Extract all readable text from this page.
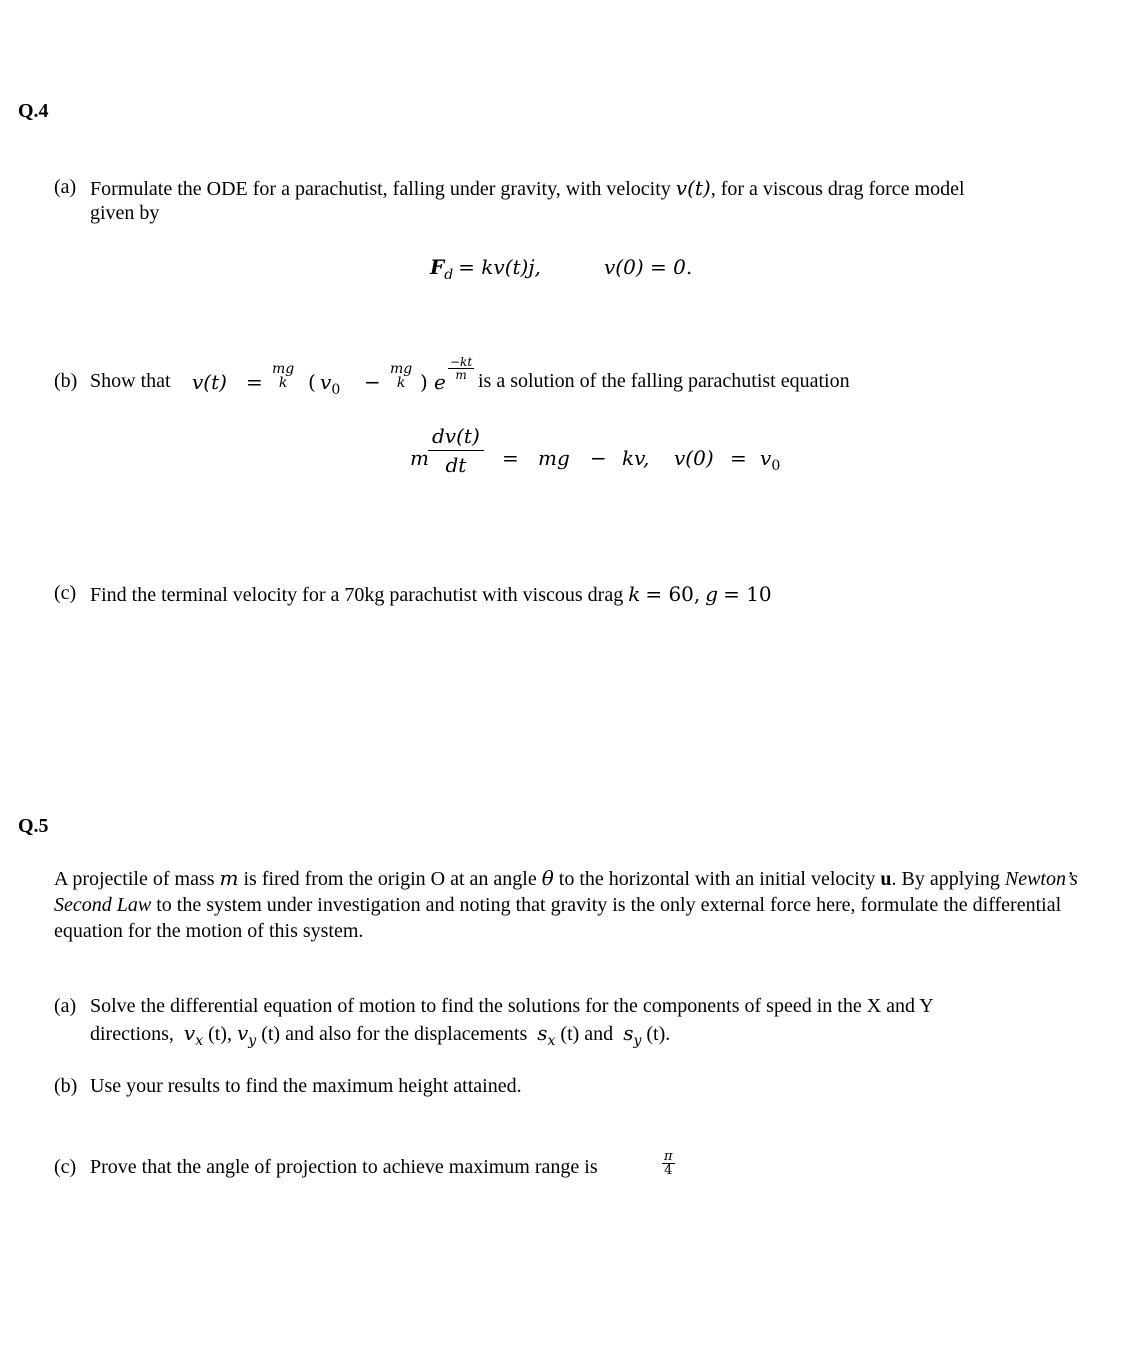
Q.4
(a) Formulate the ODE for a parachutist, falling under gravity, with velocity v(t), for a viscous drag force model
given by
$F_d = kv(t)j$,	v(0) = 0.
(b) Show that v(t) =
mg
k	( $v_0$ −
mg
k ) e
$\frac{-kt}{m}$ is a solution of the falling parachutist equation
m $\frac{dv(t)}{dt}$ = mg − kv, $v(0) = v_0$
(c) Find the terminal velocity for a 70kg parachutist with viscous drag k = 60, g = 10
Q.5
A projectile of mass m is fired from the origin O at an angle θ to the horizontal with an initial velocity u. By applying Newton’s Second Law to the system under investigation and noting that gravity is the only external force here, formulate the differential equation for the motion of this system.
(a) Solve the differential equation of motion to find the solutions for the components of speed in the X and Y
directions, $v_x$ (t), $v_y$ (t) and also for the displacements $s_x$ (t) and $s_y$ (t).
(b) Use your results to find the maximum height attained.
(c) Prove that the angle of projection to achieve maximum range is	$\frac{\pi}{4}$
